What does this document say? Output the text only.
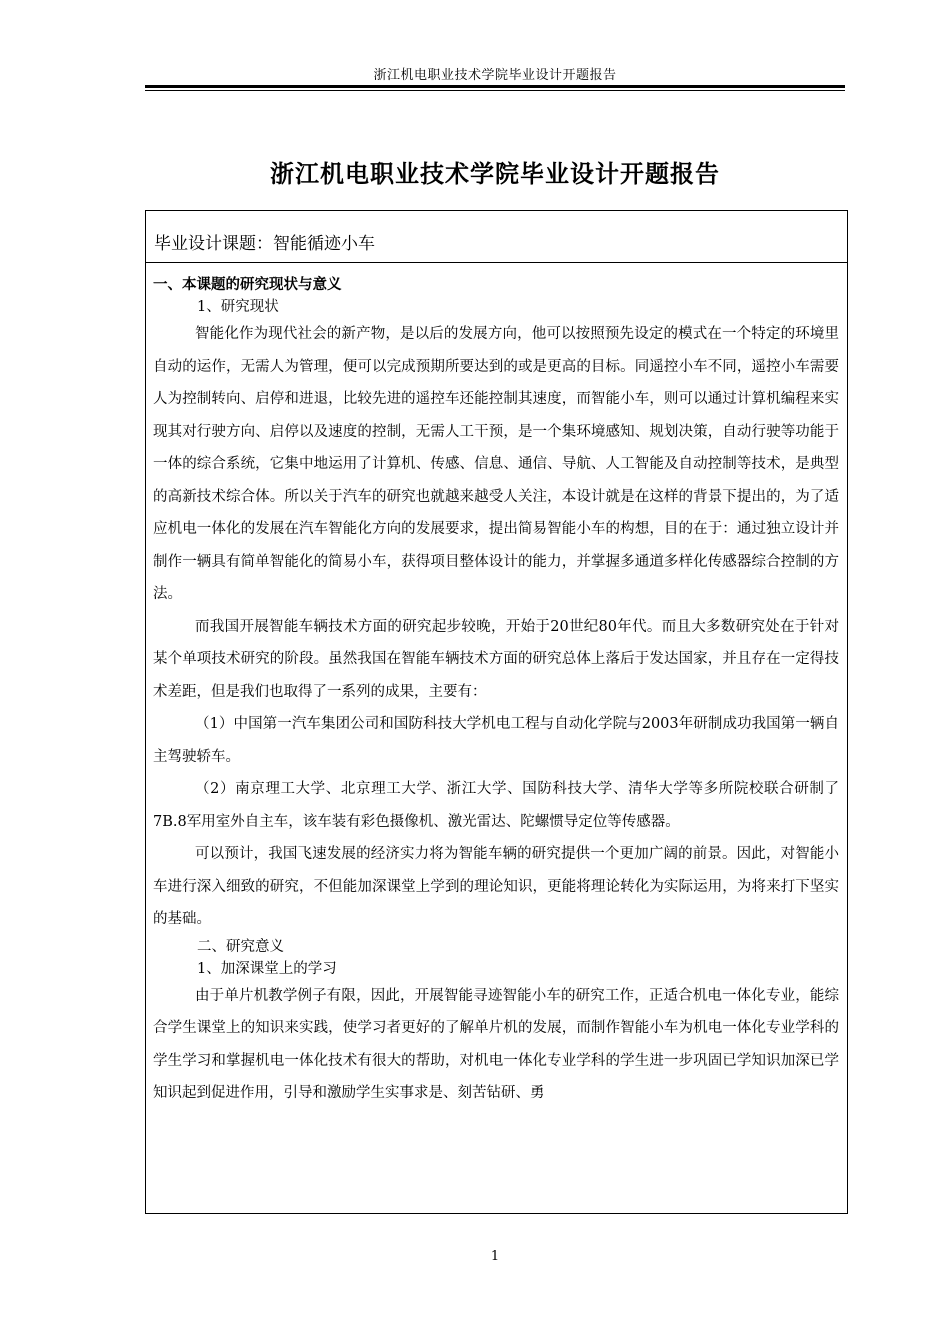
浙江机电职业技术学院毕业设计开题报告
浙江机电职业技术学院毕业设计开题报告
毕业设计课题：智能循迹小车
一、本课题的研究现状与意义
1、研究现状

智能化作为现代社会的新产物，是以后的发展方向，他可以按照预先设定的模式在一个特定的环境里自动的运作，无需人为管理，便可以完成预期所要达到的或是更高的目标。同遥控小车不同，遥控小车需要人为控制转向、启停和进退，比较先进的遥控车还能控制其速度，而智能小车，则可以通过计算机编程来实现其对行驶方向、启停以及速度的控制，无需人工干预，是一个集环境感知、规划决策，自动行驶等功能于一体的综合系统，它集中地运用了计算机、传感、信息、通信、导航、人工智能及自动控制等技术，是典型的高新技术综合体。所以关于汽车的研究也就越来越受人关注，本设计就是在这样的背景下提出的，为了适应机电一体化的发展在汽车智能化方向的发展要求，提出简易智能小车的构想，目的在于：通过独立设计并制作一辆具有简单智能化的简易小车，获得项目整体设计的能力，并掌握多通道多样化传感器综合控制的方法。

而我国开展智能车辆技术方面的研究起步较晚，开始于20世纪80年代。而且大多数研究处在于针对某个单项技术研究的阶段。虽然我国在智能车辆技术方面的研究总体上落后于发达国家，并且存在一定得技术差距，但是我们也取得了一系列的成果，主要有：

（1）中国第一汽车集团公司和国防科技大学机电工程与自动化学院与2003年研制成功我国第一辆自主驾驶轿车。

（2）南京理工大学、北京理工大学、浙江大学、国防科技大学、清华大学等多所院校联合研制了7B.8军用室外自主车，该车装有彩色摄像机、激光雷达、陀螺惯导定位等传感器。

可以预计，我国飞速发展的经济实力将为智能车辆的研究提供一个更加广阔的前景。因此，对智能小车进行深入细致的研究，不但能加深课堂上学到的理论知识，更能将理论转化为实际运用，为将来打下坚实的基础。

二、研究意义
1、加深课堂上的学习

由于单片机教学例子有限，因此，开展智能寻迹智能小车的研究工作，正适合机电一体化专业，能综合学生课堂上的知识来实践，使学习者更好的了解单片机的发展，而制作智能小车为机电一体化专业学科的学生学习和掌握机电一体化技术有很大的帮助，对机电一体化专业学科的学生进一步巩固已学知识加深已学知识起到促进作用，引导和激励学生实事求是、刻苦钻研、勇

1
